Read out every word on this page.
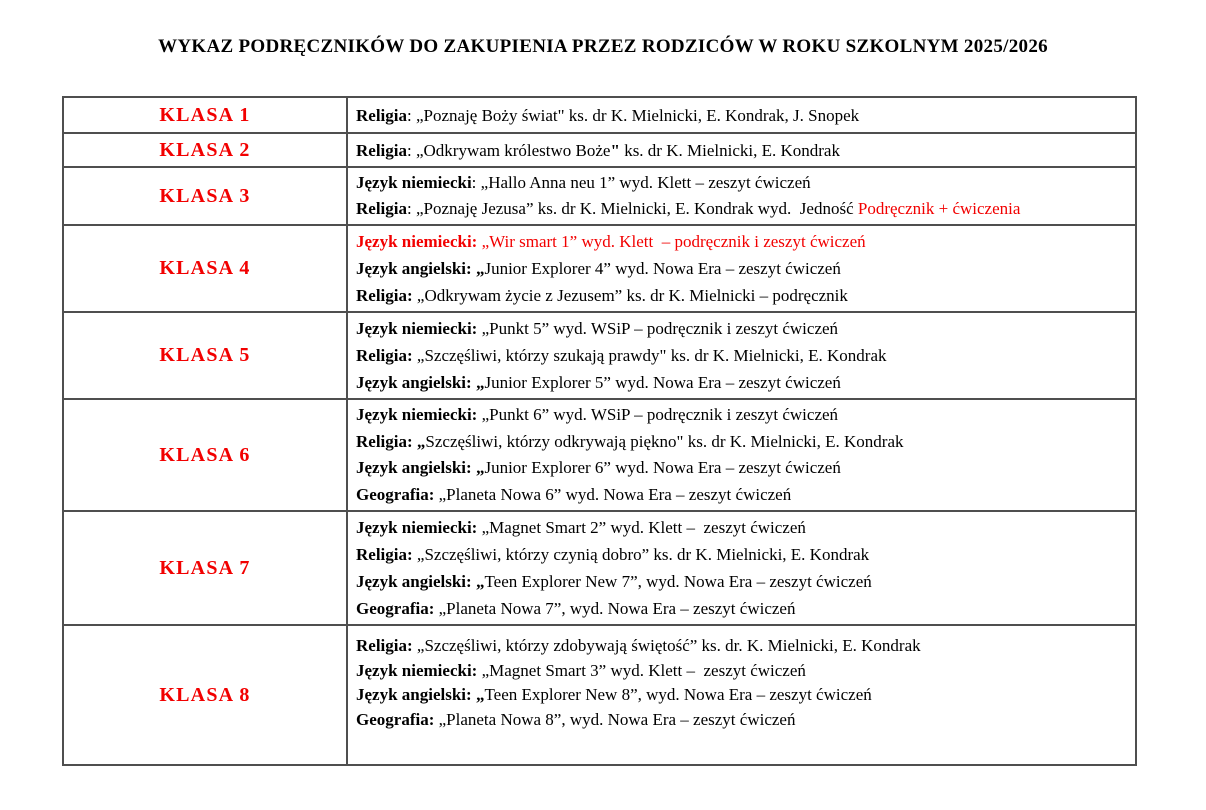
WYKAZ PODRĘCZNIKÓW DO ZAKUPIENIA PRZEZ RODZICÓW W ROKU SZKOLNYM 2025/2026
KLASA 1	Religia: „Poznaję Boży świat" ks. dr K. Mielnicki, E. Kondrak, J. Snopek
KLASA 2	Religia: „Odkrywam królestwo Boże" ks. dr K. Mielnicki, E. Kondrak
KLASA 3
Język niemiecki: „Hallo Anna neu 1” wyd. Klett – zeszyt ćwiczeń
Religia: „Poznaję Jezusa” ks. dr K. Mielnicki, E. Kondrak wyd.  Jedność Podręcznik + ćwiczenia
KLASA 4
Język niemiecki: „Wir smart 1” wyd. Klett  – podręcznik i zeszyt ćwiczeń
Język angielski: „Junior Explorer 4” wyd. Nowa Era – zeszyt ćwiczeń
Religia: „Odkrywam życie z Jezusem” ks. dr K. Mielnicki – podręcznik
KLASA 5
Język niemiecki: „Punkt 5” wyd. WSiP – podręcznik i zeszyt ćwiczeń
Religia: „Szczęśliwi, którzy szukają prawdy" ks. dr K. Mielnicki, E. Kondrak
Język angielski: „Junior Explorer 5” wyd. Nowa Era – zeszyt ćwiczeń
KLASA 6
Język niemiecki: „Punkt 6” wyd. WSiP – podręcznik i zeszyt ćwiczeń
Religia: „Szczęśliwi, którzy odkrywają piękno" ks. dr K. Mielnicki, E. Kondrak
Język angielski: „Junior Explorer 6” wyd. Nowa Era – zeszyt ćwiczeń
Geografia: „Planeta Nowa 6” wyd. Nowa Era – zeszyt ćwiczeń
KLASA 7
Język niemiecki: „Magnet Smart 2” wyd. Klett –  zeszyt ćwiczeń
Religia: „Szczęśliwi, którzy czynią dobro” ks. dr K. Mielnicki, E. Kondrak
Język angielski: „Teen Explorer New 7”, wyd. Nowa Era – zeszyt ćwiczeń
Geografia: „Planeta Nowa 7”, wyd. Nowa Era – zeszyt ćwiczeń
KLASA 8
Religia: „Szczęśliwi, którzy zdobywają świętość” ks. dr. K. Mielnicki, E. Kondrak
Język niemiecki: „Magnet Smart 3” wyd. Klett –  zeszyt ćwiczeń
Język angielski: „Teen Explorer New 8”, wyd. Nowa Era – zeszyt ćwiczeń
Geografia: „Planeta Nowa 8”, wyd. Nowa Era – zeszyt ćwiczeń
